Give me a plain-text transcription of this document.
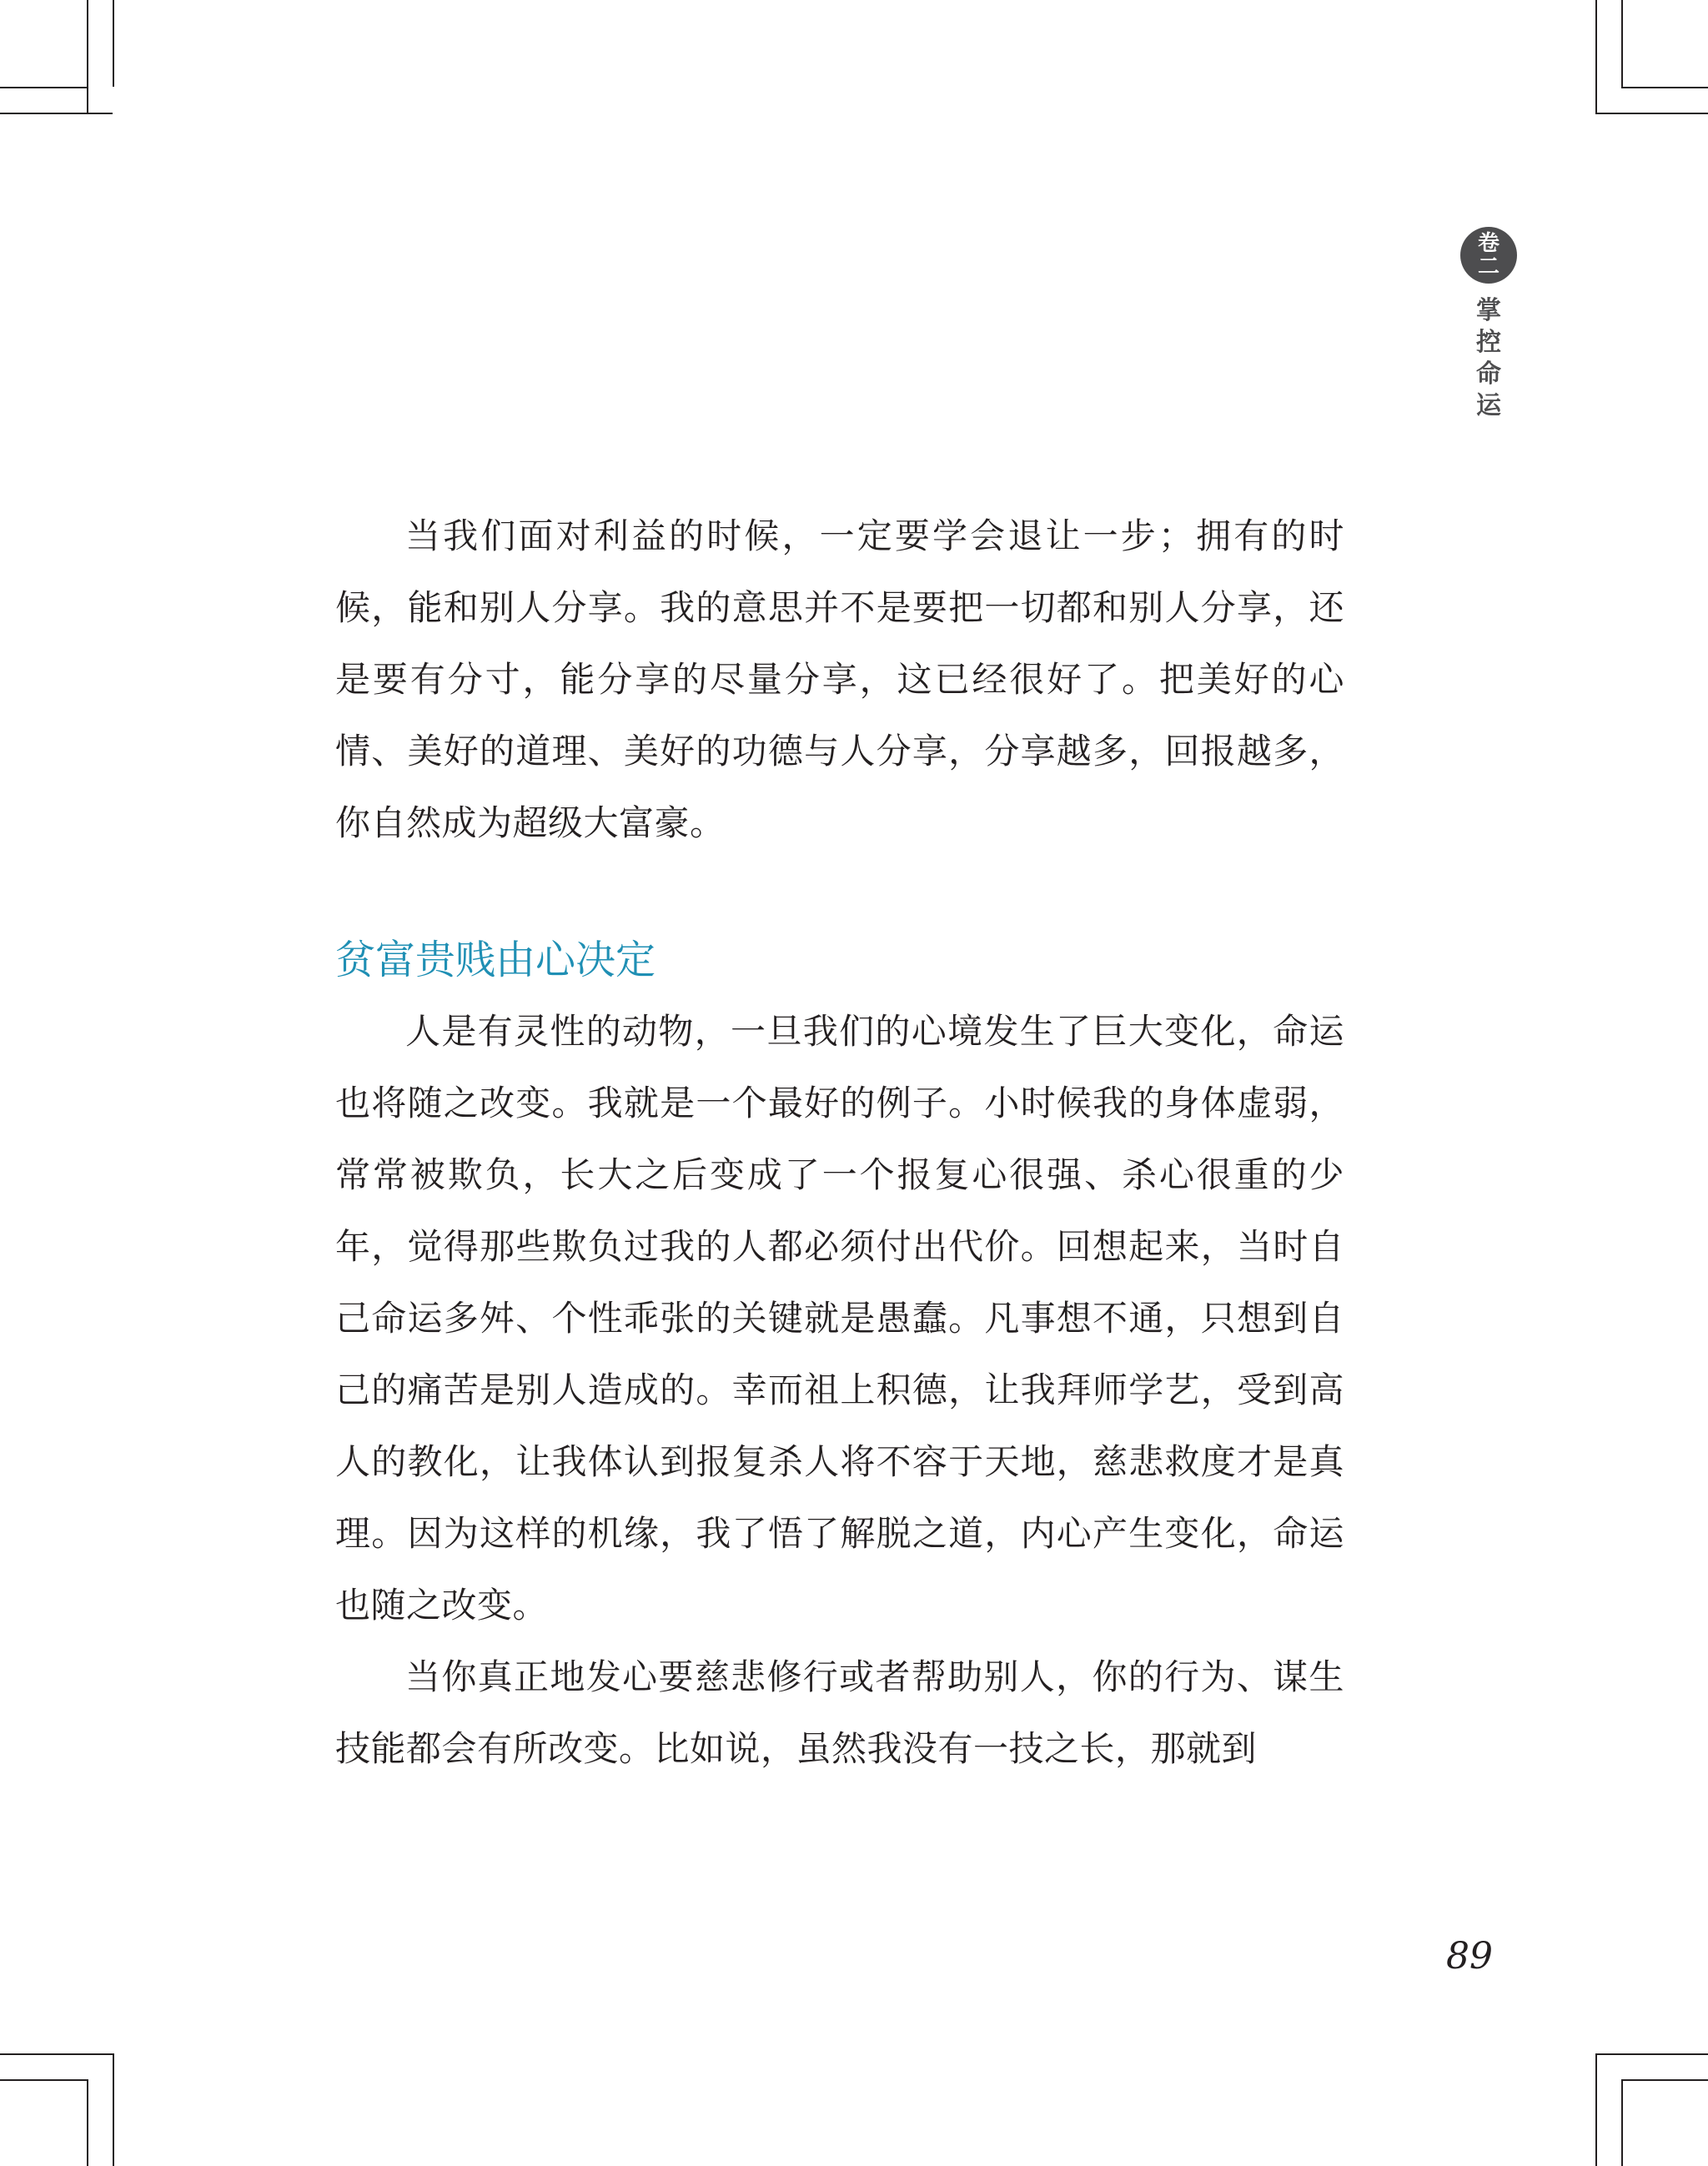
卷
二
掌
控
命
运

当我们面对利益的时候，一定要学会退让一步；拥有的时候，能和别人分享。我的意思并不是要把一切都和别人分享，还是要有分寸，能分享的尽量分享，这已经很好了。把美好的心情、美好的道理、美好的功德与人分享，分享越多，回报越多，你自然成为超级大富豪。

贫富贵贱由心决定

人是有灵性的动物，一旦我们的心境发生了巨大变化，命运也将随之改变。我就是一个最好的例子。小时候我的身体虚弱，常常被欺负，长大之后变成了一个报复心很强、杀心很重的少年，觉得那些欺负过我的人都必须付出代价。回想起来，当时自己命运多舛、个性乖张的关键就是愚蠢。凡事想不通，只想到自己的痛苦是别人造成的。幸而祖上积德，让我拜师学艺，受到高人的教化，让我体认到报复杀人将不容于天地，慈悲救度才是真理。因为这样的机缘，我了悟了解脱之道，内心产生变化，命运也随之改变。

当你真正地发心要慈悲修行或者帮助别人，你的行为、谋生技能都会有所改变。比如说，虽然我没有一技之长，那就到

89
